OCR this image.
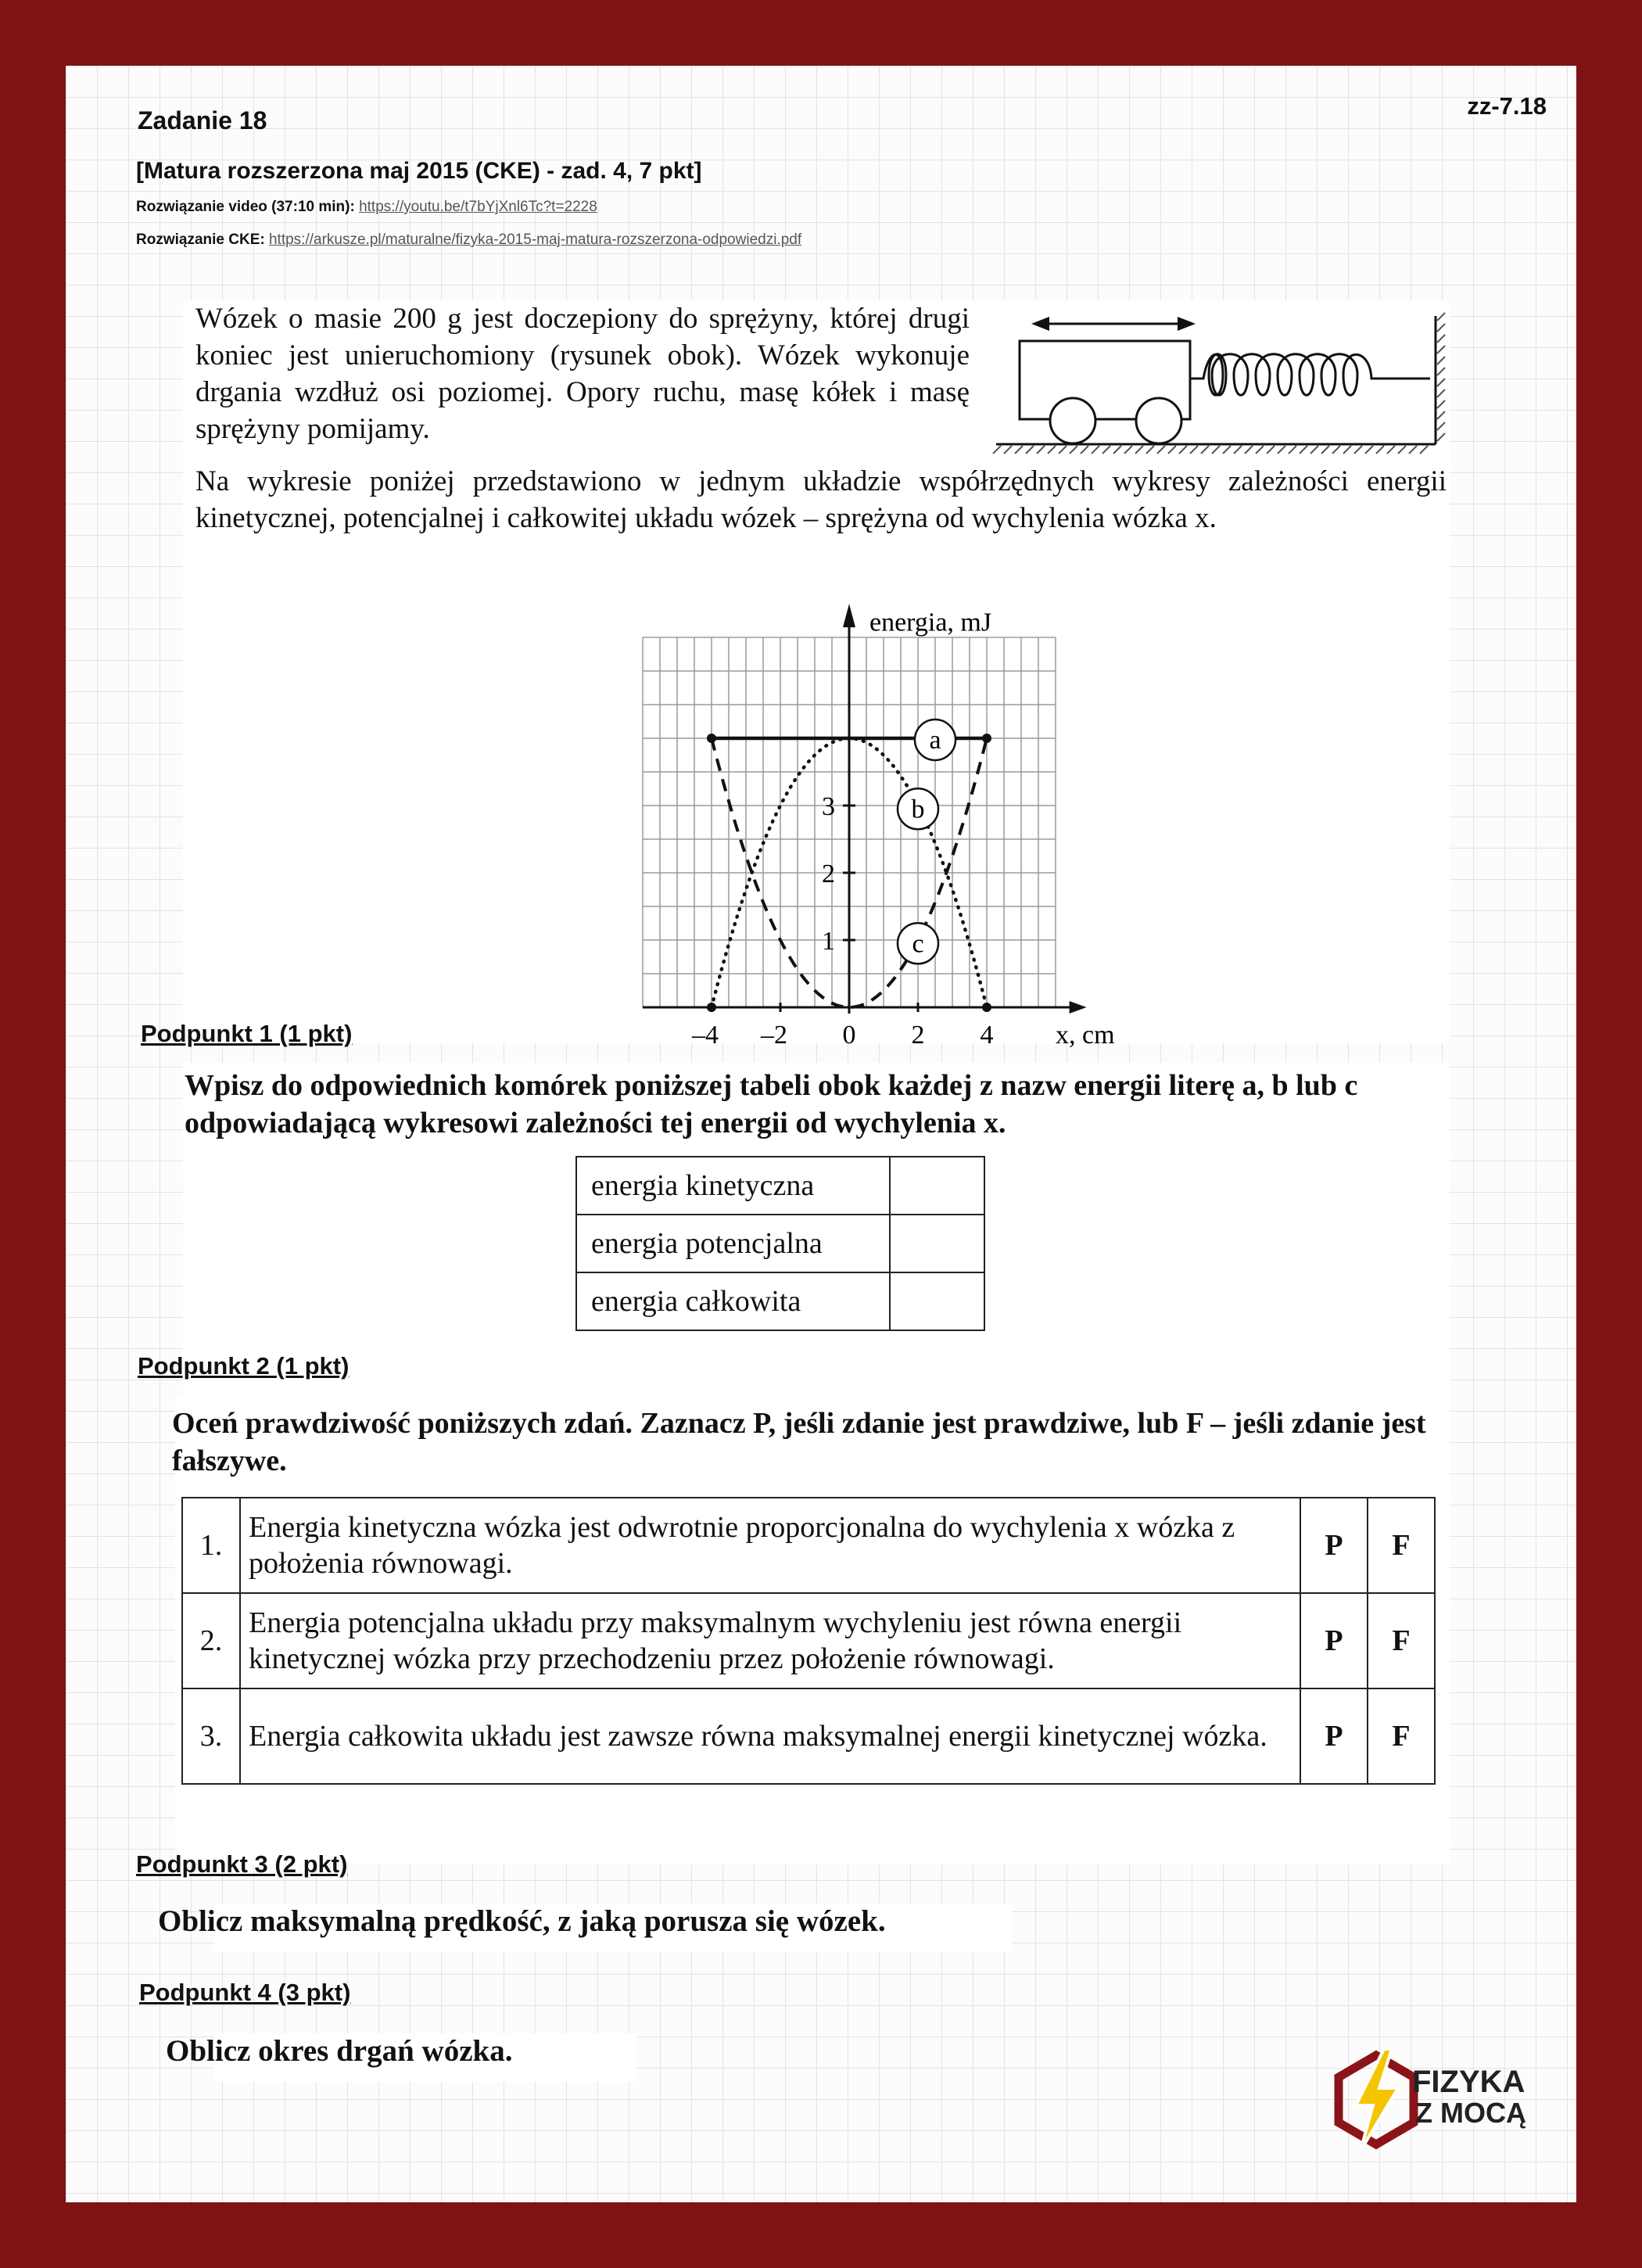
Zadanie 18
zz-7.18
[Matura rozszerzona maj 2015 (CKE) - zad. 4, 7 pkt]
Rozwiązanie video (37:10 min): https://youtu.be/t7bYjXnl6Tc?t=2228
Rozwiązanie CKE: https://arkusze.pl/maturalne/fizyka-2015-maj-matura-rozszerzona-odpowiedzi.pdf
Wózek o masie 200 g jest doczepiony do sprężyny, której drugi koniec jest unieruchomiony (rysunek obok). Wózek wykonuje drgania wzdłuż osi poziomej. Opory ruchu, masę kółek i masę sprężyny pomijamy.
Na wykresie poniżej przedstawiono w jednym układzie współrzędnych wykresy zależności energii kinetycznej, potencjalnej i całkowitej układu wózek – sprężyna od wychylenia wózka x.
a
b
c
–4 –2 0 2 4
1
2
3
energia, mJ
x, cm
Podpunkt 1 (1 pkt)
Wpisz do odpowiednich komórek poniższej tabeli obok każdej z nazw energii literę a, b lub c odpowiadającą wykresowi zależności tej energii od wychylenia x.
energia kinetyczna	
energia potencjalna	
energia całkowita	
Podpunkt 2 (1 pkt)
Oceń prawdziwość poniższych zdań. Zaznacz P, jeśli zdanie jest prawdziwe, lub F – jeśli zdanie jest fałszywe.
1.	Energia kinetyczna wózka jest odwrotnie proporcjonalna do wychylenia x wózka z położenia równowagi.	P	F
2.	Energia potencjalna układu przy maksymalnym wychyleniu jest równa energii kinetycznej wózka przy przechodzeniu przez położenie równowagi.	P	F
3.	Energia całkowita układu jest zawsze równa maksymalnej energii kinetycznej wózka.	P	F
Podpunkt 3 (2 pkt)
Oblicz maksymalną prędkość, z jaką porusza się wózek.
Podpunkt 4 (3 pkt)
Oblicz okres drgań wózka.
FIZYKA
Z MOCĄ
